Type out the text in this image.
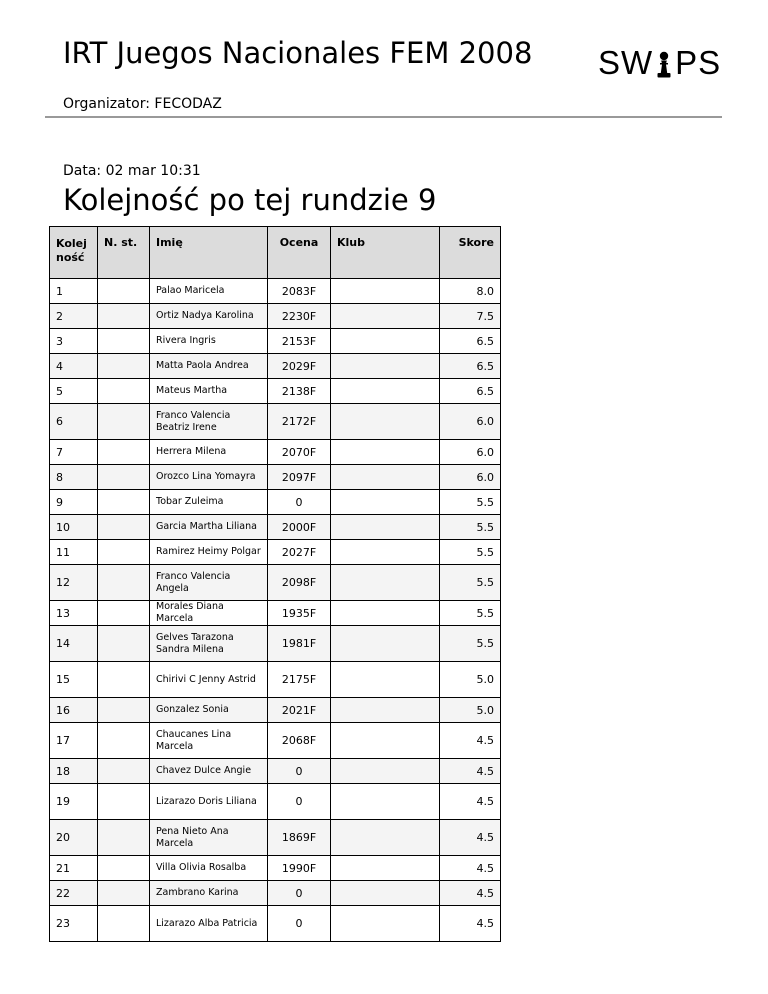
IRT Juegos Nacionales FEM 2008 SW PS
Organizator: FECODAZ
Data: 02 mar 10:31
Kolejność po tej rundzie 9
Kolej ność	N. st.	Imię	Ocena	Klub	Skore
1		Palao Maricela	2083F		8.0
2		Ortiz Nadya Karolina	2230F		7.5
3		Rivera Ingris	2153F		6.5
4		Matta Paola Andrea	2029F		6.5
5		Mateus Martha	2138F		6.5
6		Franco Valencia Beatriz Irene	2172F		6.0
7		Herrera Milena	2070F		6.0
8		Orozco Lina Yomayra	2097F		6.0
9		Tobar Zuleima	0		5.5
10		Garcia Martha Liliana	2000F		5.5
11		Ramirez Heimy Polgar	2027F		5.5
12		Franco Valencia Angela	2098F		5.5
13		Morales Diana Marcela	1935F		5.5
14		Gelves Tarazona Sandra Milena	1981F		5.5
15		Chirivi C Jenny Astrid	2175F		5.0
16		Gonzalez Sonia	2021F		5.0
17		Chaucanes Lina Marcela	2068F		4.5
18		Chavez Dulce Angie	0		4.5
19		Lizarazo Doris Liliana	0		4.5
20		Pena Nieto Ana Marcela	1869F		4.5
21		Villa Olivia Rosalba	1990F		4.5
22		Zambrano Karina	0		4.5
23		Lizarazo Alba Patricia	0		4.5
